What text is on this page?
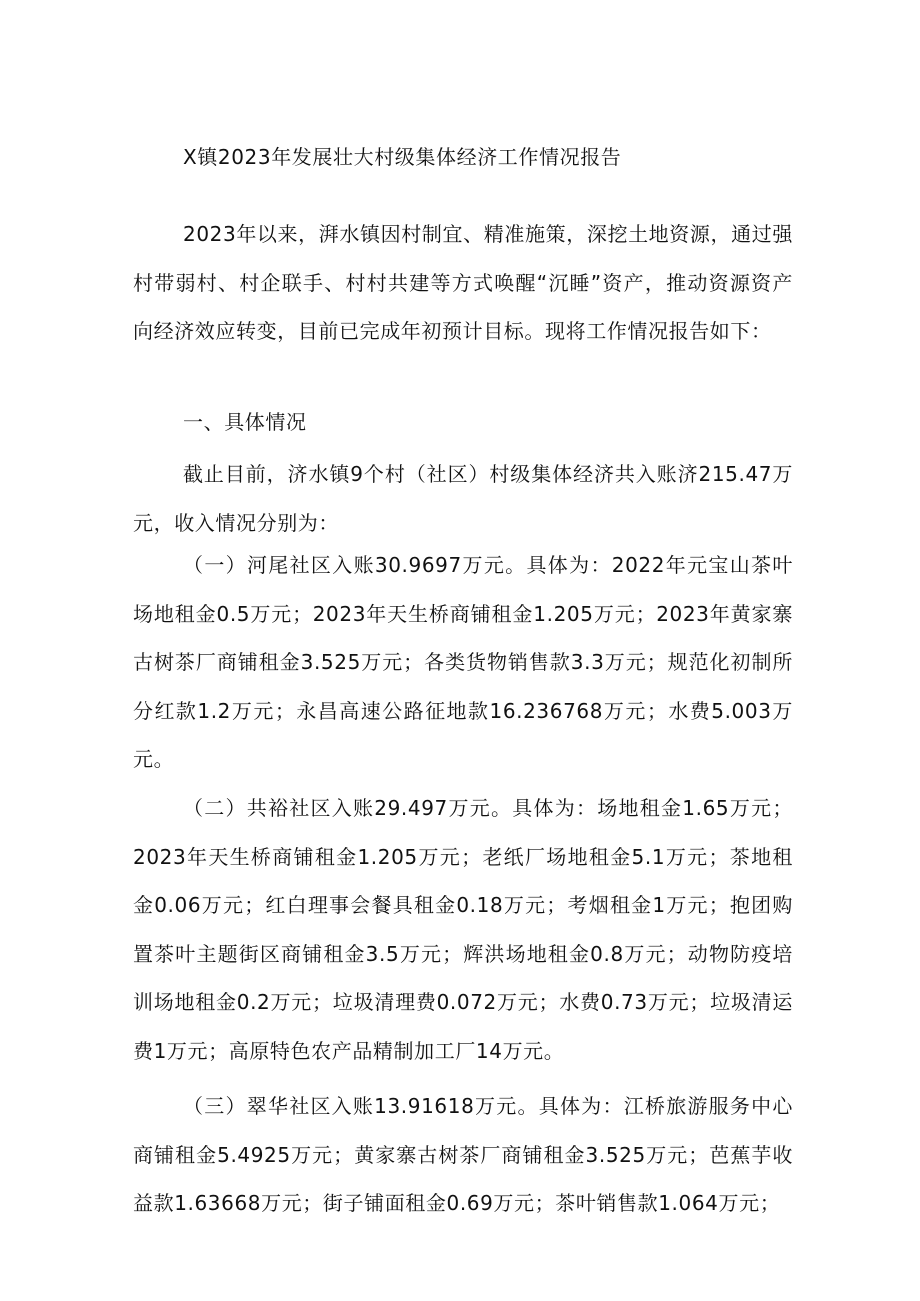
X镇2023年发展壮大村级集体经济工作情况报告

2023年以来，湃水镇因村制宜、精准施策，深挖土地资源，通过强村带弱村、村企联手、村村共建等方式唤醒“沉睡”资产，推动资源资产向经济效应转变，目前已完成年初预计目标。现将工作情况报告如下：

一、具体情况

截止目前，济水镇9个村（社区）村级集体经济共入账济215.47万元，收入情况分别为：

（一）河尾社区入账30.9697万元。具体为：2022年元宝山茶叶场地租金0.5万元；2023年天生桥商铺租金1.205万元；2023年黄家寨古树茶厂商铺租金3.525万元；各类货物销售款3.3万元；规范化初制所分红款1.2万元；永昌高速公路征地款16.236768万元；水费5.003万元。

（二）共裕社区入账29.497万元。具体为：场地租金1.65万元；2023年天生桥商铺租金1.205万元；老纸厂场地租金5.1万元；茶地租金0.06万元；红白理事会餐具租金0.18万元；考烟租金1万元；抱团购置茶叶主题街区商铺租金3.5万元；辉洪场地租金0.8万元；动物防疫培训场地租金0.2万元；垃圾清理费0.072万元；水费0.73万元；垃圾清运费1万元；高原特色农产品精制加工厂14万元。

（三）翠华社区入账13.91618万元。具体为：江桥旅游服务中心商铺租金5.4925万元；黄家寨古树茶厂商铺租金3.525万元；芭蕉芋收益款1.63668万元；街子铺面租金0.69万元；茶叶销售款1.064万元；
